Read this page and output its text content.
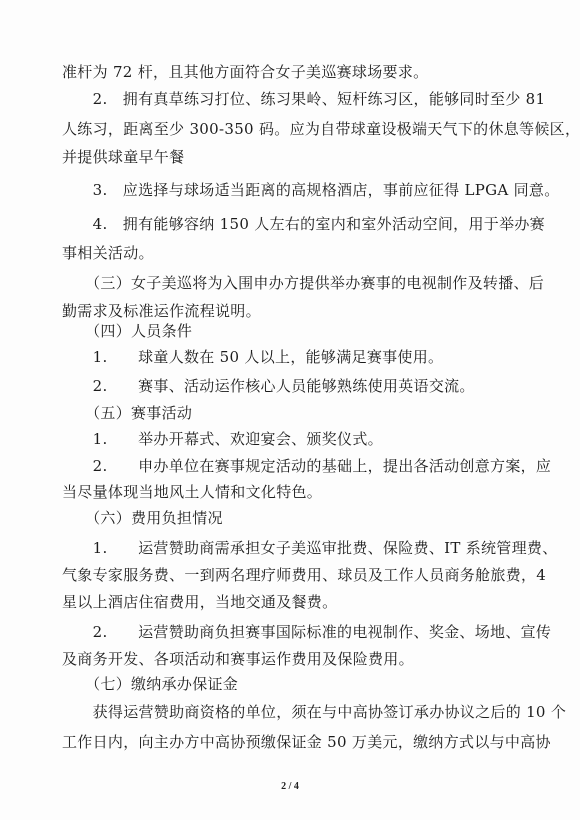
准杆为 72 杆，且其他方面符合女子美巡赛球场要求。
　　2.　拥有真草练习打位、练习果岭、短杆练习区，能够同时至少 81
人练习，距离至少 300-350 码。应为自带球童设极端天气下的休息等候区，
并提供球童早午餐
　　3.　应选择与球场适当距离的高规格酒店，事前应征得 LPGA 同意。
　　4.　拥有能够容纳 150 人左右的室内和室外活动空间，用于举办赛
事相关活动。
　　（三）女子美巡将为入围申办方提供举办赛事的电视制作及转播、后
勤需求及标准运作流程说明。
　　（四）人员条件
　　1.　　球童人数在 50 人以上，能够满足赛事使用。
　　2.　　赛事、活动运作核心人员能够熟练使用英语交流。
　　（五）赛事活动
　　1.　　举办开幕式、欢迎宴会、颁奖仪式。
　　2.　　申办单位在赛事规定活动的基础上，提出各活动创意方案，应
当尽量体现当地风土人情和文化特色。
　　（六）费用负担情况
　　1.　　运营赞助商需承担女子美巡审批费、保险费、IT 系统管理费、
气象专家服务费、一到两名理疗师费用、球员及工作人员商务舱旅费，4
星以上酒店住宿费用，当地交通及餐费。
　　2.　　运营赞助商负担赛事国际标准的电视制作、奖金、场地、宣传
及商务开发、各项活动和赛事运作费用及保险费用。
　　（七）缴纳承办保证金
　　获得运营赞助商资格的单位，须在与中高协签订承办协议之后的 10 个
工作日内，向主办方中高协预缴保证金 50 万美元，缴纳方式以与中高协
2 / 4
